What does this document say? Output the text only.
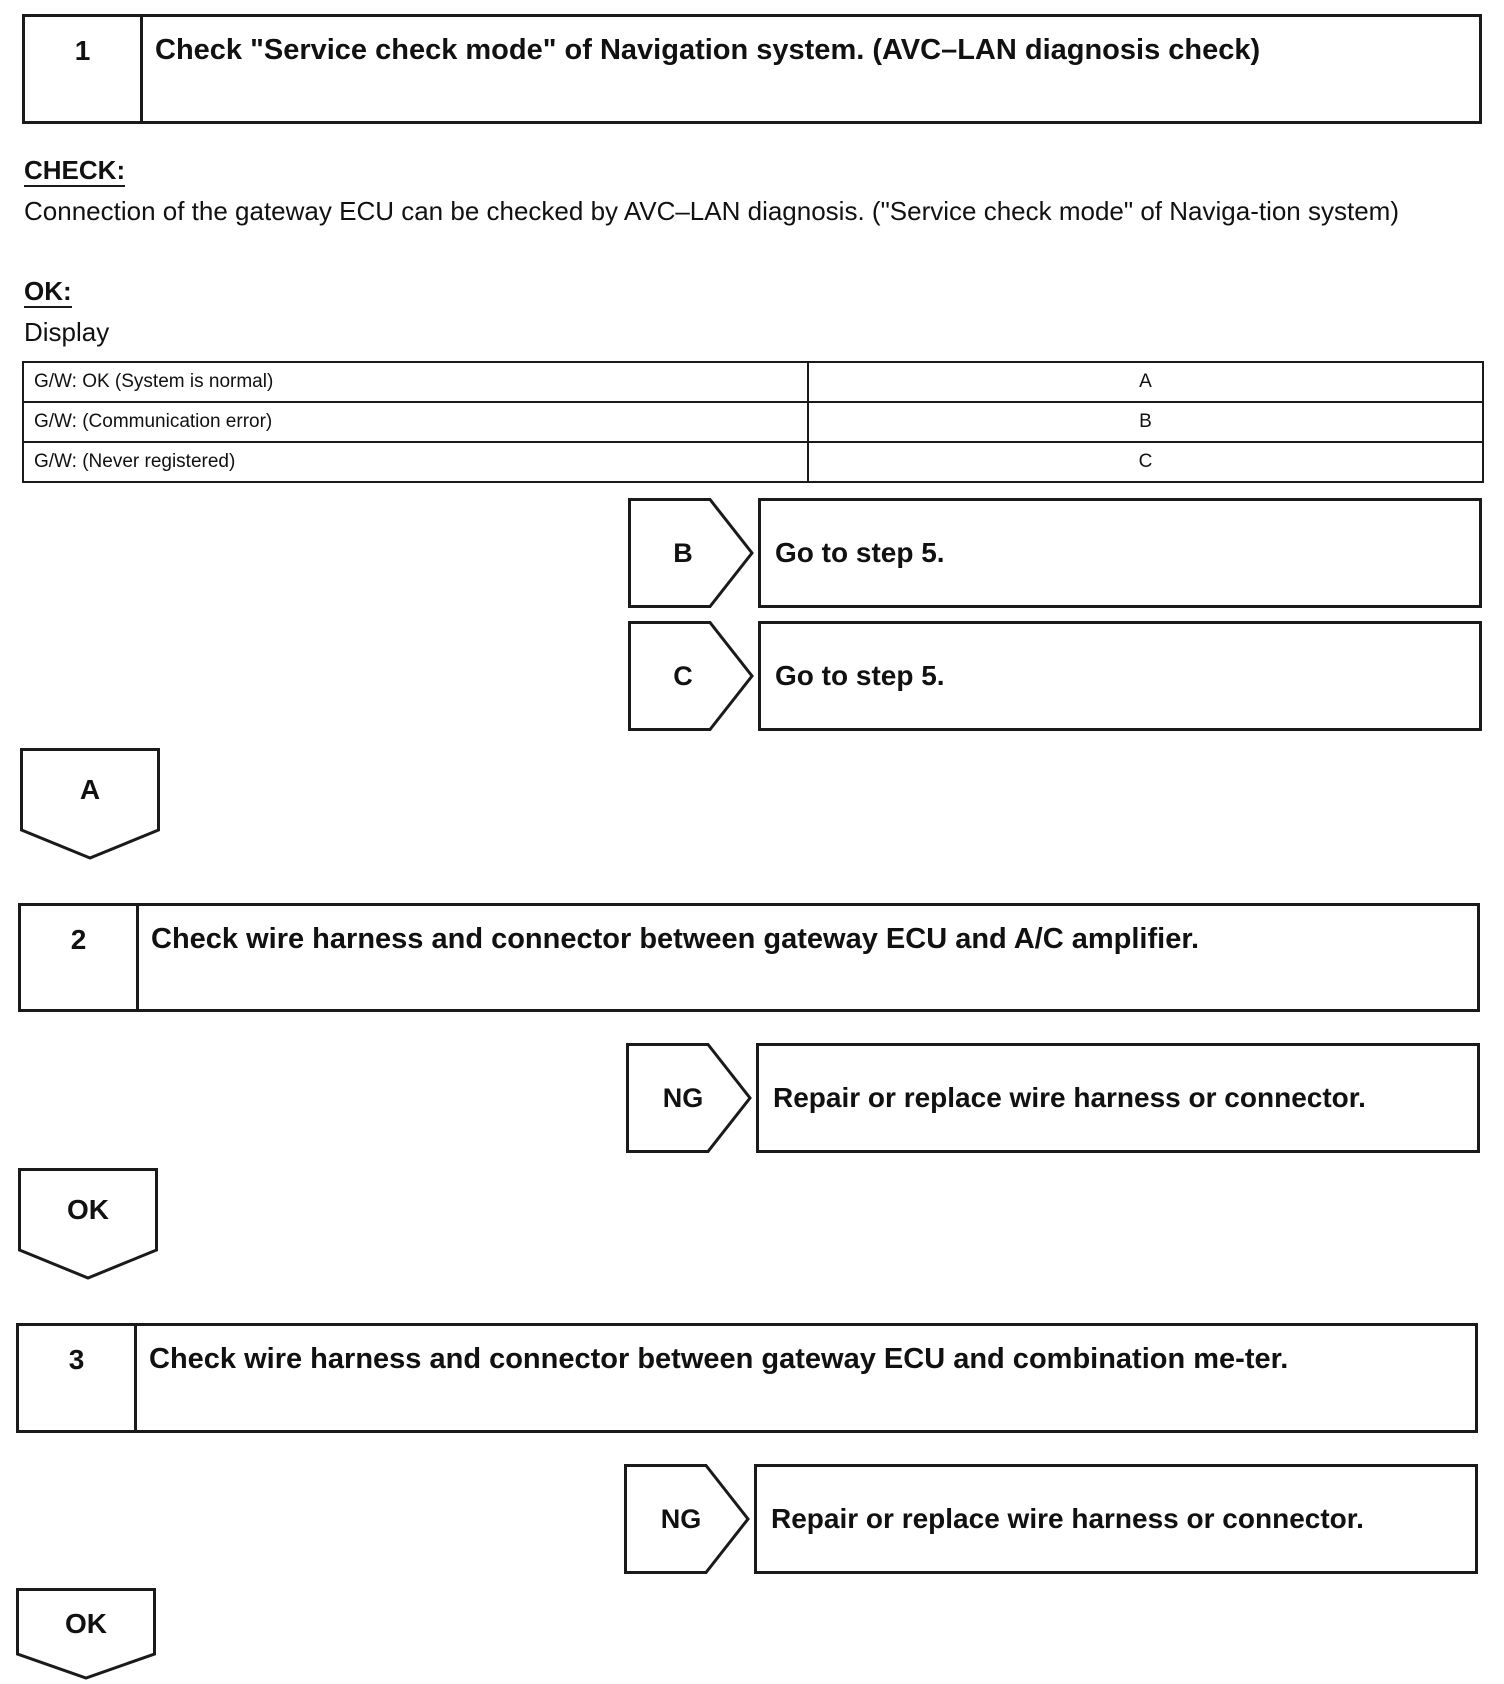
1	Check "Service check mode" of Navigation system. (AVC–LAN diagnosis check)
CHECK:
Connection of the gateway ECU can be checked by AVC–LAN diagnosis. ("Service check mode" of Naviga-tion system)
OK:
Display
G/W: OK (System is normal)	A
G/W: (Communication error)	B
G/W: (Never registered)	C
B	Go to step 5.
C	Go to step 5.
A
2	Check wire harness and connector between gateway ECU and A/C amplifier.
NG	Repair or replace wire harness or connector.
OK
3	Check wire harness and connector between gateway ECU and combination me-ter.
NG	Repair or replace wire harness or connector.
OK
